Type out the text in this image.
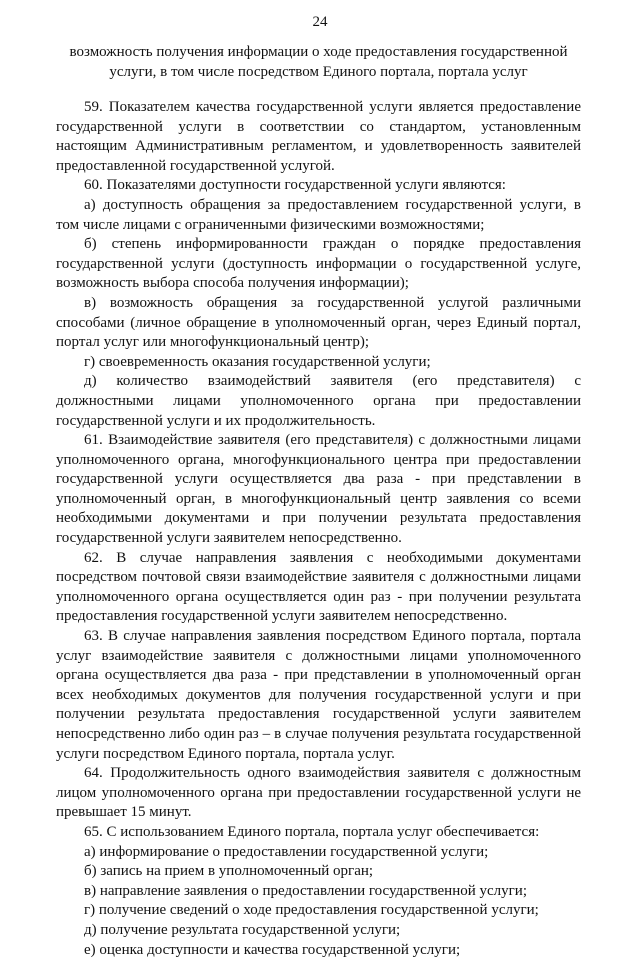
24
возможность получения информации о ходе предоставления государственной услуги, в том числе посредством Единого портала, портала услуг

59. Показателем качества государственной услуги является предоставление государственной услуги в соответствии со стандартом, установленным настоящим Административным регламентом, и удовлетворенность заявителей предоставленной государственной услугой.

60. Показателями доступности государственной услуги являются:

а) доступность обращения за предоставлением государственной услуги, в том числе лицами с ограниченными физическими возможностями;

б) степень информированности граждан о порядке предоставления государственной услуги (доступность информации о государственной услуге, возможность выбора способа получения информации);

в) возможность обращения за государственной услугой различными способами (личное обращение в уполномоченный орган, через Единый портал, портал услуг или многофункциональный центр);

г) своевременность оказания государственной услуги;

д) количество взаимодействий заявителя (его представителя) с должностными лицами уполномоченного органа при предоставлении государственной услуги и их продолжительность.

61. Взаимодействие заявителя (его представителя) с должностными лицами уполномоченного органа, многофункционального центра при предоставлении государственной услуги осуществляется два раза - при представлении в уполномоченный орган, в многофункциональный центр заявления со всеми необходимыми документами и при получении результата предоставления государственной услуги заявителем непосредственно.

62. В случае направления заявления с необходимыми документами посредством почтовой связи взаимодействие заявителя с должностными лицами уполномоченного органа осуществляется один раз - при получении результата предоставления государственной услуги заявителем непосредственно.

63. В случае направления заявления посредством Единого портала, портала услуг взаимодействие заявителя с должностными лицами уполномоченного органа осуществляется два раза - при представлении в уполномоченный орган всех необходимых документов для получения государственной услуги и при получении результата предоставления государственной услуги заявителем непосредственно либо один раз – в случае получения результата государственной услуги посредством Единого портала, портала услуг.

64. Продолжительность одного взаимодействия заявителя с должностным лицом уполномоченного органа при предоставлении государственной услуги не превышает 15 минут.

65. С использованием Единого портала, портала услуг обеспечивается:

а) информирование о предоставлении государственной услуги;

б) запись на прием в уполномоченный орган;

в) направление заявления о предоставлении государственной услуги;

г) получение сведений о ходе предоставления государственной услуги;

д) получение результата государственной услуги;

е) оценка доступности и качества государственной услуги;
